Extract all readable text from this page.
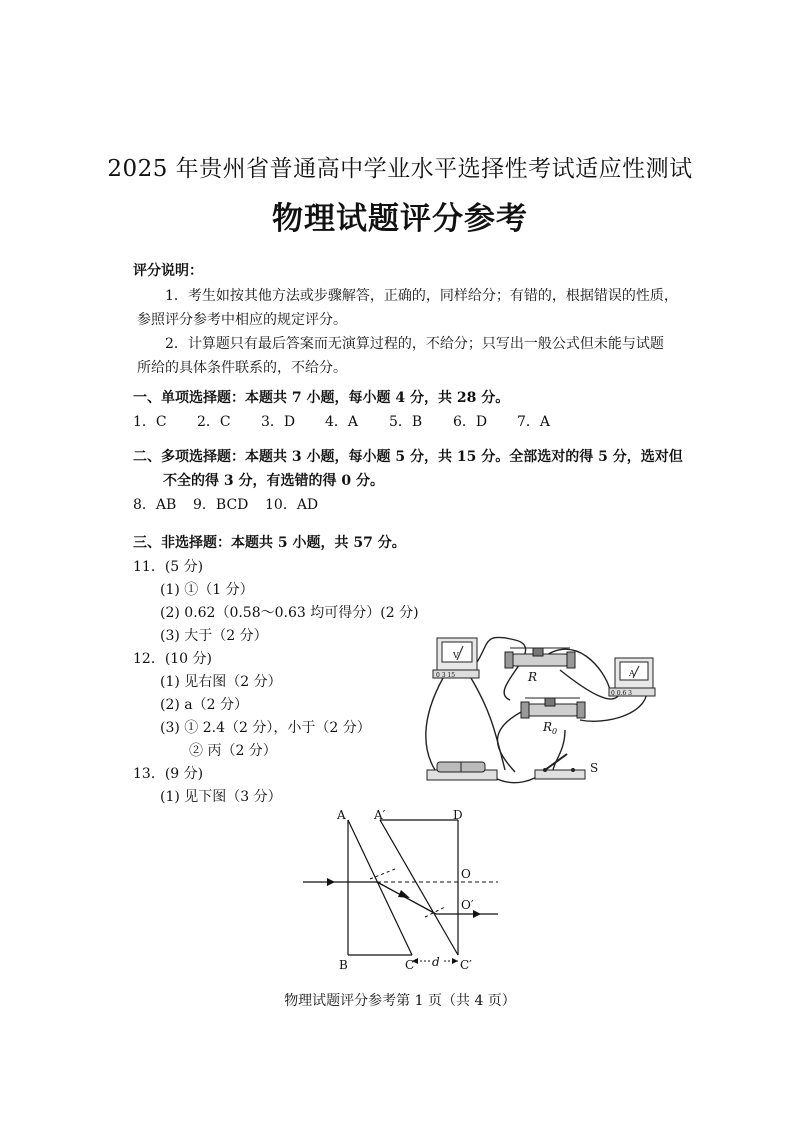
2025 年贵州省普通高中学业水平选择性考试适应性测试
物理试题评分参考
评分说明：
1．考生如按其他方法或步骤解答，正确的，同样给分；有错的，根据错误的性质，
参照评分参考中相应的规定评分。
2．计算题只有最后答案而无演算过程的，不给分；只写出一般公式但未能与试题
所给的具体条件联系的，不给分。
一、单项选择题：本题共 7 小题，每小题 4 分，共 28 分。
1．C 2．C 3．D 4．A 5．B 6．D 7．A
二、多项选择题：本题共 3 小题，每小题 5 分，共 15 分。全部选对的得 5 分，选对但
不全的得 3 分，有选错的得 0 分。
8．AB 9．BCD 10．AD
三、非选择题：本题共 5 小题，共 57 分。
11．(5 分)
(1) ①（1 分）
(2) 0.62（0.58～0.63 均可得分）(2 分)
(3) 大于（2 分）
12．(10 分)
(1) 见右图（2 分）
(2) a（2 分）
(3) ① 2.4（2 分），小于（2 分）
② 丙（2 分）
13．(9 分)
(1) 见下图（3 分）
V
0 3 15	R	A
0 0.6 3
$R_0$
S
A A′	D
O
O′
B	C	C′
d
物理试题评分参考第 1 页（共 4 页）
